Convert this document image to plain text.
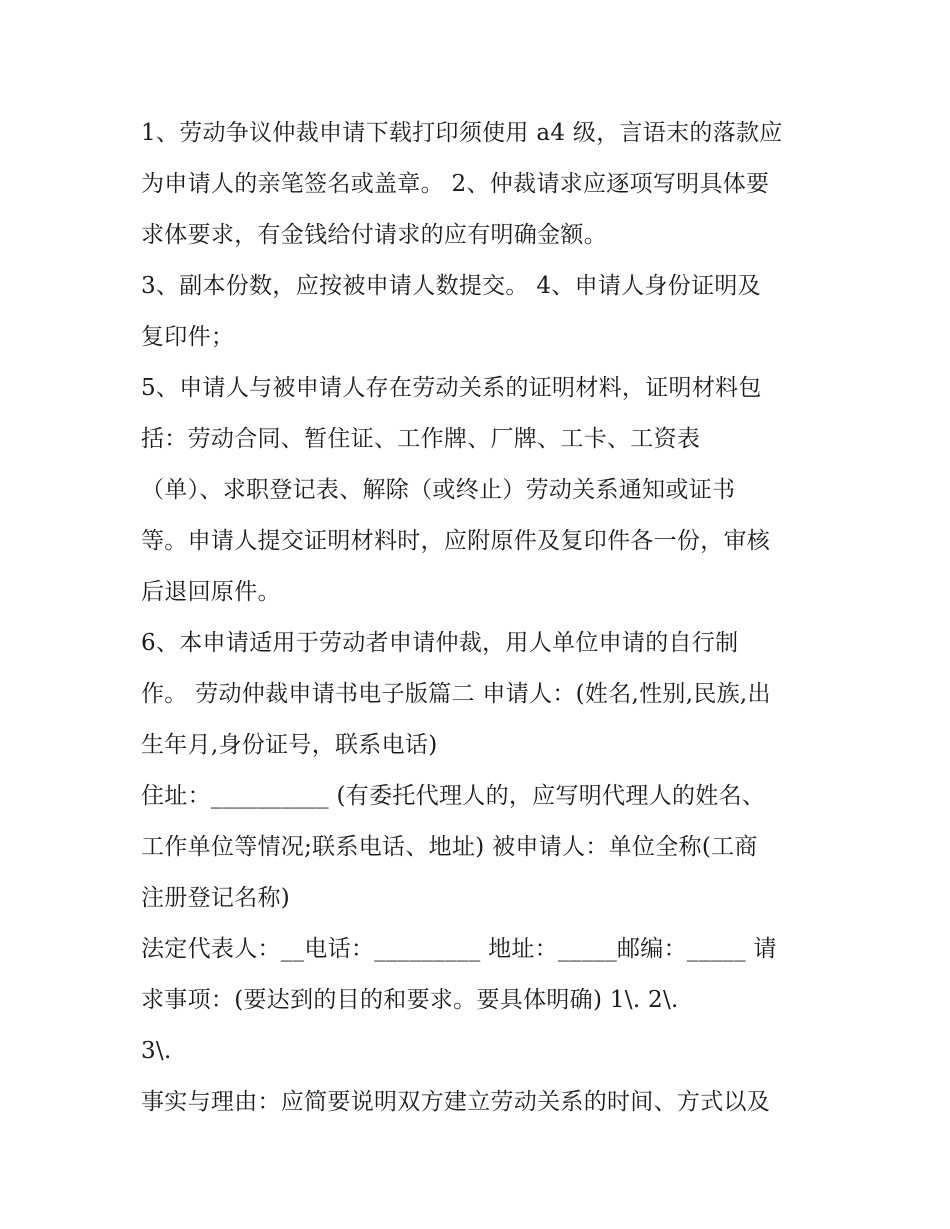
1、劳动争议仲裁申请下载打印须使用 a4 级，言语末的落款应
为申请人的亲笔签名或盖章。 2、仲裁请求应逐项写明具体要
求体要求，有金钱给付请求的应有明确金额。
3、副本份数，应按被申请人数提交。 4、申请人身份证明及
复印件；
5、申请人与被申请人存在劳动关系的证明材料，证明材料包
括：劳动合同、暂住证、工作牌、厂牌、工卡、工资表
（单）、求职登记表、解除（或终止）劳动关系通知或证书
等。申请人提交证明材料时，应附原件及复印件各一份，审核
后退回原件。
6、本申请适用于劳动者申请仲裁，用人单位申请的自行制
作。 劳动仲裁申请书电子版篇二 申请人：(姓名,性别,民族,出
生年月,身份证号，联系电话)
住址：__________ (有委托代理人的，应写明代理人的姓名、
工作单位等情况;联系电话、地址) 被申请人：单位全称(工商
注册登记名称)
法定代表人：__电话：_________ 地址：_____邮编：_____ 请
求事项：(要达到的目的和要求。要具体明确) 1\. 2\.
3\.
事实与理由：应简要说明双方建立劳动关系的时间、方式以及
